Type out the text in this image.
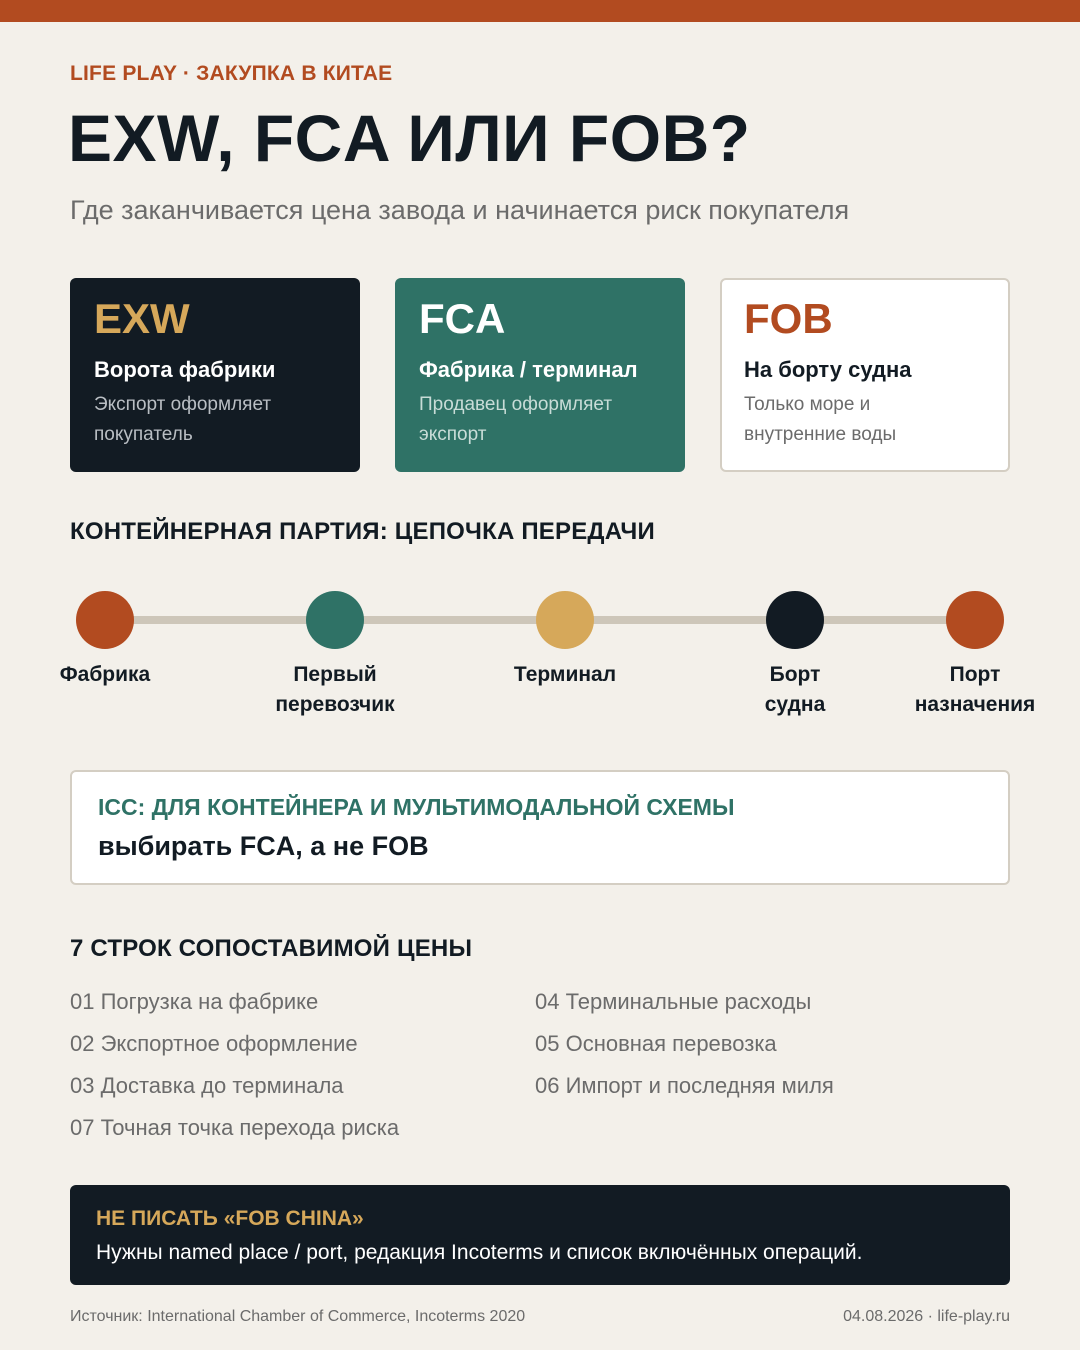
LIFE PLAY · ЗАКУПКА В КИТАЕ
EXW, FCA ИЛИ FOB?
Где заканчивается цена завода и начинается риск покупателя
EXW
Ворота фабрики
Экспорт оформляет
покупатель
FCA
Фабрика / терминал
Продавец оформляет
экспорт
FOB
На борту судна
Только море и
внутренние воды
КОНТЕЙНЕРНАЯ ПАРТИЯ: ЦЕПОЧКА ПЕРЕДАЧИ
Фабрика	Первый
перевозчик
Терминал	Борт
судна
Порт
назначения
ICC: ДЛЯ КОНТЕЙНЕРА И МУЛЬТИМОДАЛЬНОЙ СХЕМЫ
выбирать FCA, а не FOB
7 СТРОК СОПОСТАВИМОЙ ЦЕНЫ
01 Погрузка на фабрике
02 Экспортное оформление
03 Доставка до терминала
04 Терминальные расходы
05 Основная перевозка
06 Импорт и последняя миля
07 Точная точка перехода риска
НЕ ПИСАТЬ «FOB CHINA»
Нужны named place / port, редакция Incoterms и список включённых операций.
Источник: International Chamber of Commerce, Incoterms 2020	04.08.2026 · life-play.ru
